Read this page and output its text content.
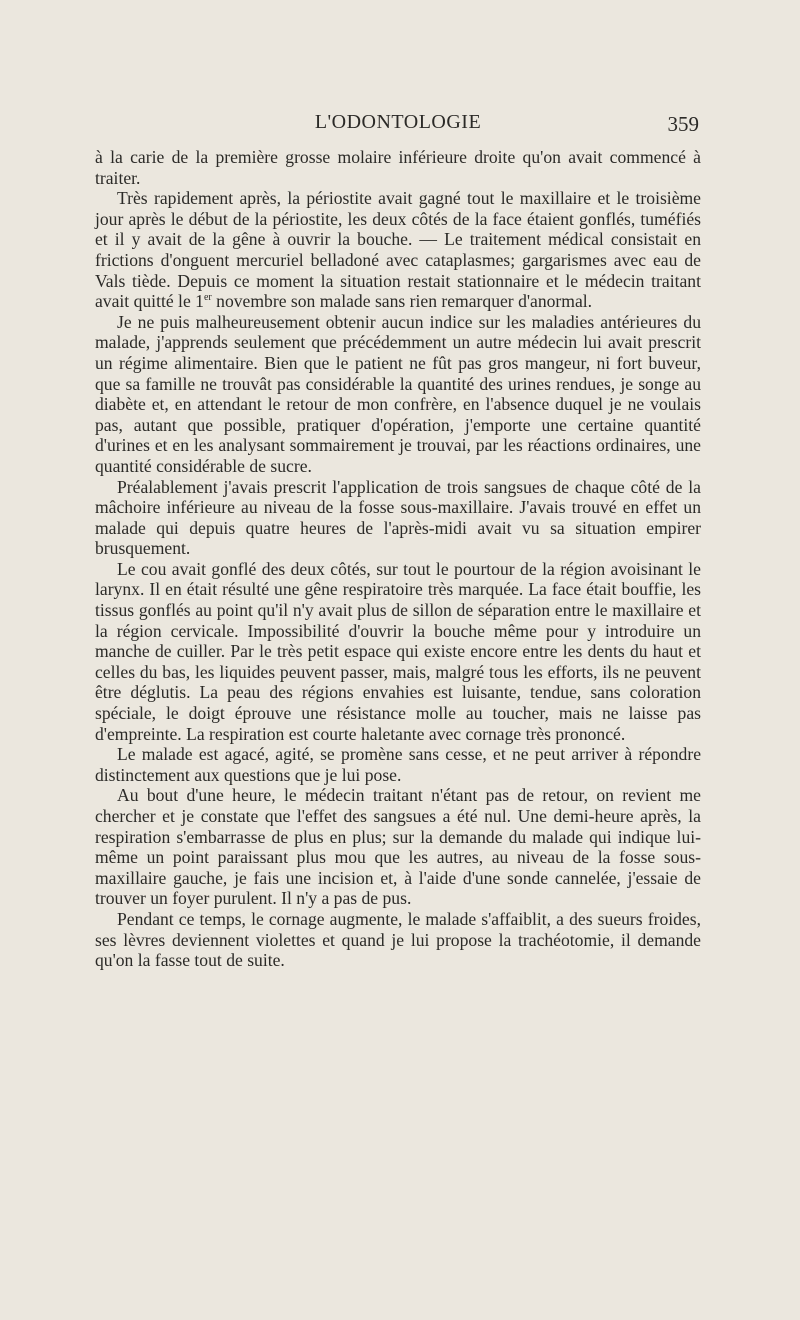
L'ODONTOLOGIE	359

à la carie de la première grosse molaire inférieure droite qu'on avait commencé à traiter.

Très rapidement après, la périostite avait gagné tout le maxillaire et le troisième jour après le début de la périostite, les deux côtés de la face étaient gonflés, tuméfiés et il y avait de la gêne à ouvrir la bouche. — Le traitement médical consistait en frictions d'onguent mercuriel belladoné avec cataplasmes; gargarismes avec eau de Vals tiède. Depuis ce moment la situation restait stationnaire et le médecin traitant avait quitté le 1er novembre son malade sans rien remarquer d'anormal.

Je ne puis malheureusement obtenir aucun indice sur les maladies antérieures du malade, j'apprends seulement que précédemment un autre médecin lui avait prescrit un régime alimentaire. Bien que le patient ne fût pas gros mangeur, ni fort buveur, que sa famille ne trouvât pas considérable la quantité des urines rendues, je songe au diabète et, en attendant le retour de mon confrère, en l'absence duquel je ne voulais pas, autant que possible, pratiquer d'opération, j'emporte une certaine quantité d'urines et en les analysant sommairement je trouvai, par les réactions ordinaires, une quantité considérable de sucre.

Préalablement j'avais prescrit l'application de trois sangsues de chaque côté de la mâchoire inférieure au niveau de la fosse sous-maxillaire. J'avais trouvé en effet un malade qui depuis quatre heures de l'après-midi avait vu sa situation empirer brusquement.

Le cou avait gonflé des deux côtés, sur tout le pourtour de la région avoisinant le larynx. Il en était résulté une gêne respiratoire très marquée. La face était bouffie, les tissus gonflés au point qu'il n'y avait plus de sillon de séparation entre le maxillaire et la région cervicale. Impossibilité d'ouvrir la bouche même pour y introduire un manche de cuiller. Par le très petit espace qui existe encore entre les dents du haut et celles du bas, les liquides peuvent passer, mais, malgré tous les efforts, ils ne peuvent être déglutis. La peau des régions envahies est luisante, tendue, sans coloration spéciale, le doigt éprouve une résistance molle au toucher, mais ne laisse pas d'empreinte. La respiration est courte haletante avec cornage très prononcé.

Le malade est agacé, agité, se promène sans cesse, et ne peut arriver à répondre distinctement aux questions que je lui pose.

Au bout d'une heure, le médecin traitant n'étant pas de retour, on revient me chercher et je constate que l'effet des sangsues a été nul. Une demi-heure après, la respiration s'embarrasse de plus en plus; sur la demande du malade qui indique lui-même un point paraissant plus mou que les autres, au niveau de la fosse sous-maxillaire gauche, je fais une incision et, à l'aide d'une sonde cannelée, j'essaie de trouver un foyer purulent. Il n'y a pas de pus.

Pendant ce temps, le cornage augmente, le malade s'affaiblit, a des sueurs froides, ses lèvres deviennent violettes et quand je lui propose la trachéotomie, il demande qu'on la fasse tout de suite.
